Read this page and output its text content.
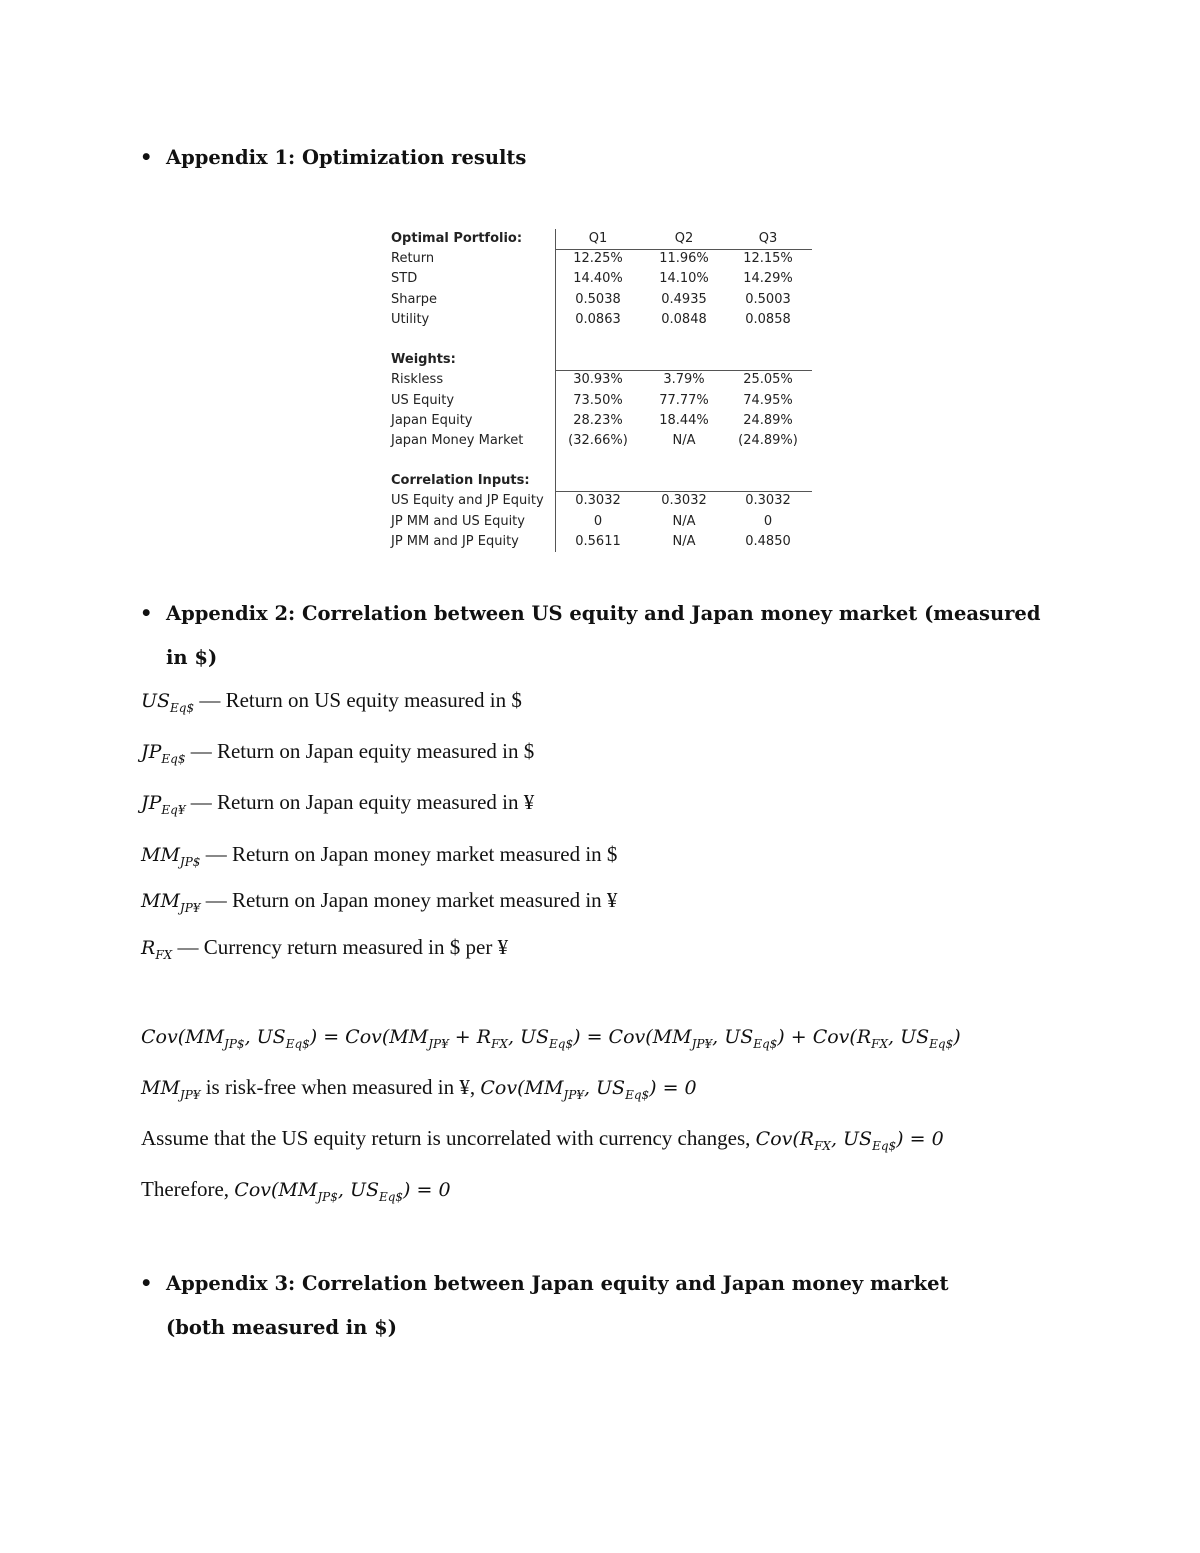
• Appendix 1: Optimization results
Optimal Portfolio:	Q1	Q2	Q3
Return	12.25%	11.96%	12.15%
STD	14.40%	14.10%	14.29%
Sharpe	0.5038	0.4935	0.5003
Utility	0.0863	0.0848	0.0858
Weights:
Riskless	30.93%	3.79%	25.05%
US Equity	73.50%	77.77%	74.95%
Japan Equity	28.23%	18.44%	24.89%
Japan Money Market	(32.66%)	N/A	(24.89%)
Correlation Inputs:
US Equity and JP Equity	0.3032	0.3032	0.3032
JP MM and US Equity	0	N/A	0
JP MM and JP Equity	0.5611	N/A	0.4850
• Appendix 2: Correlation between US equity and Japan money market (measured in $)
$US_{Eq\$}$ — Return on US equity measured in $
$JP_{Eq\$}$ — Return on Japan equity measured in $
$JP_{Eq¥}$ — Return on Japan equity measured in ¥
$MM_{JP\$}$ — Return on Japan money market measured in $
$MM_{JP¥}$ — Return on Japan money market measured in ¥
$R_{FX}$ — Currency return measured in $ per ¥
$Cov(MM_{JP\$}$, $US_{Eq\$}) = Cov(MM_{JP¥} + R_{FX}$, $US_{Eq\$}) = Cov(MM_{JP¥}$, $US_{Eq\$}) + Cov(R_{FX}$, $US_{Eq\$}$)
$MM_{JP¥}$ is risk-free when measured in ¥, $Cov(MM_{JP¥}$, $US_{Eq\$}) = 0$
Assume that the US equity return is uncorrelated with currency changes, $Cov(R_{FX}$, $US_{Eq\$}) = 0$
Therefore, $Cov(MM_{JP\$}$, $US_{Eq\$}) = 0$
• Appendix 3: Correlation between Japan equity and Japan money market (both measured in $)
